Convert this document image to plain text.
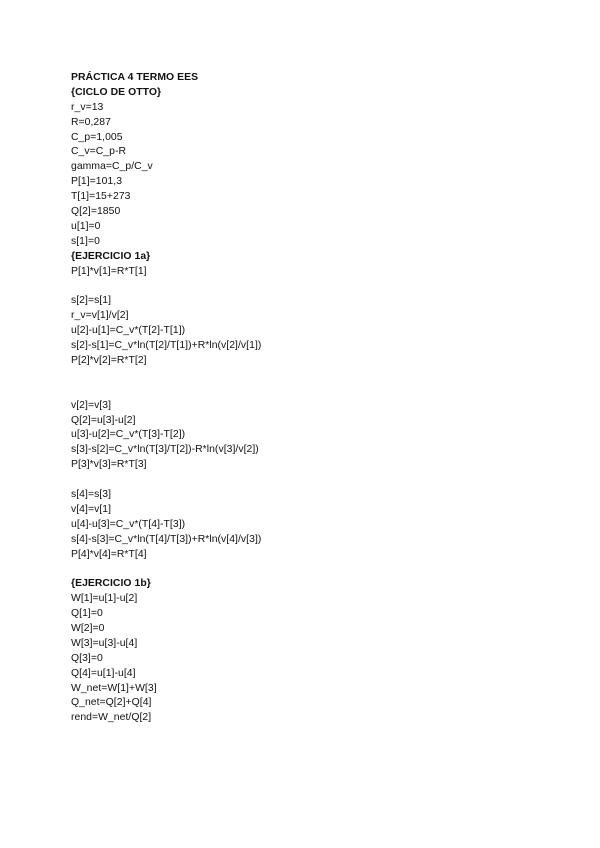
PRÁCTICA 4 TERMO EES
{CICLO DE OTTO}
r_v=13
R=0,287
C_p=1,005
C_v=C_p-R
gamma=C_p/C_v
P[1]=101,3
T[1]=15+273
Q[2]=1850
u[1]=0
s[1]=0
{EJERCICIO 1a}
P[1]*v[1]=R*T[1]
s[2]=s[1]
r_v=v[1]/v[2]
u[2]-u[1]=C_v*(T[2]-T[1])
s[2]-s[1]=C_v*ln(T[2]/T[1])+R*ln(v[2]/v[1])
P[2]*v[2]=R*T[2]
v[2]=v[3]
Q[2]=u[3]-u[2]
u[3]-u[2]=C_v*(T[3]-T[2])
s[3]-s[2]=C_v*ln(T[3]/T[2])-R*ln(v[3]/v[2])
P[3]*v[3]=R*T[3]
s[4]=s[3]
v[4]=v[1]
u[4]-u[3]=C_v*(T[4]-T[3])
s[4]-s[3]=C_v*ln(T[4]/T[3])+R*ln(v[4]/v[3])
P[4]*v[4]=R*T[4]
{EJERCICIO 1b}
W[1]=u[1]-u[2]
Q[1]=0
W[2]=0
W[3]=u[3]-u[4]
Q[3]=0
Q[4]=u[1]-u[4]
W_net=W[1]+W[3]
Q_net=Q[2]+Q[4]
rend=W_net/Q[2]
